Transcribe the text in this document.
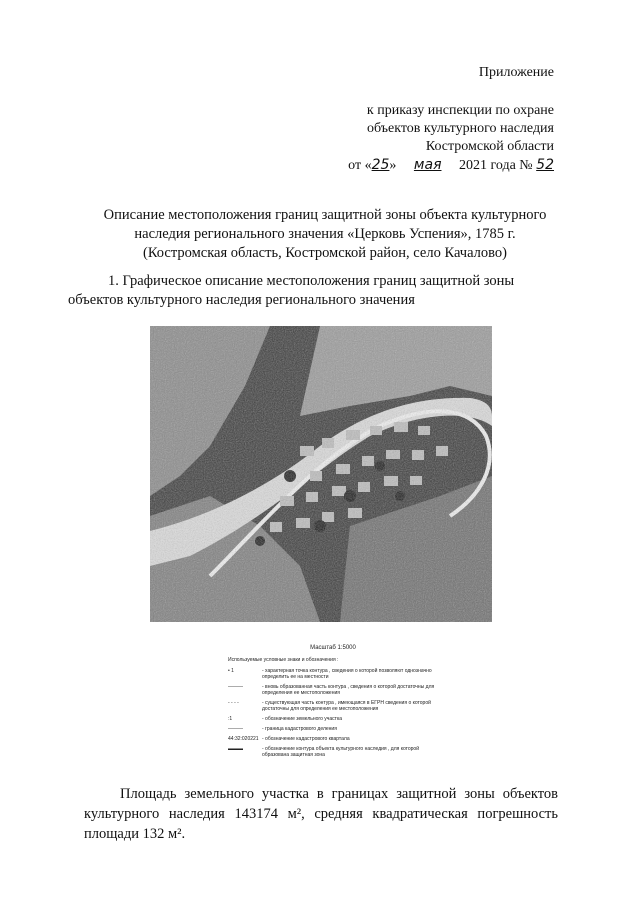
Приложение
к приказу инспекции по охране
объектов культурного наследия
Костромской области
от «25» мая 2021 года № 52
Описание местоположения границ защитной зоны объекта культурного
наследия регионального значения «Церковь Успения», 1785 г.
(Костромская область, Костромской район, село Качалово)

1. Графическое описание местоположения границ защитной зоны

объектов культурного наследия регионального значения

Масштаб 1:5000
Используемые условные знаки и обозначения :
• 1	- характерная точка контура , сведения о которой позволяют однозначно определить ее на местности
———	- вновь образованная часть контура , сведения о которой достаточны для определения ее местоположения
- - - -	- существующая часть контура , имеющаяся в ЕГРН сведения о которой достаточны для определения ее местоположения
:1	- обозначение земельного участка
———	- граница кадастрового деления
44:32:020221 - обозначение кадастрового квартала
▬▬▬	- обозначение контура объекта культурного наследия , для которой образована защитная зона

Площадь земельного участка в границах защитной зоны объектов культурного наследия 143174 м², средняя квадратическая погрешность площади 132 м².
